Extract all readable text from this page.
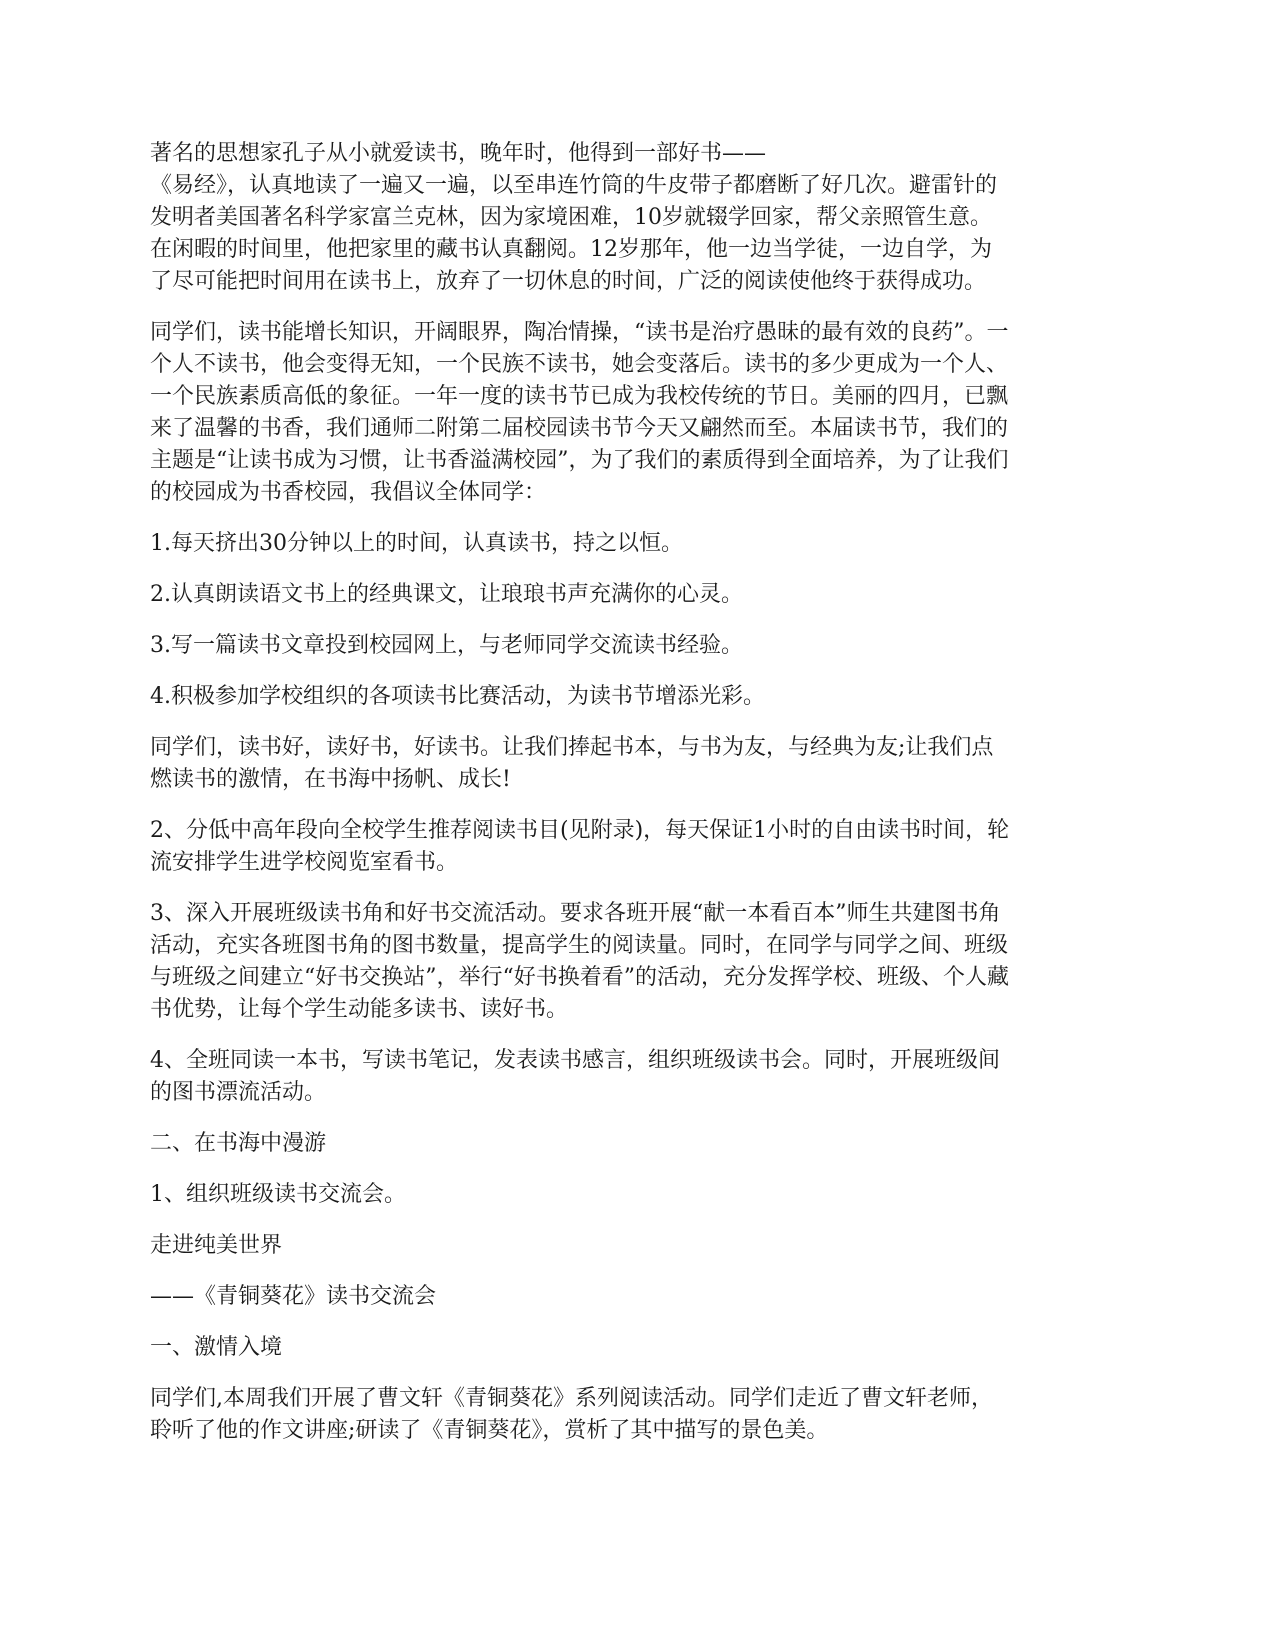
著名的思想家孔子从小就爱读书，晚年时，他得到一部好书——
《易经》，认真地读了一遍又一遍，以至串连竹筒的牛皮带子都磨断了好几次。避雷针的
发明者美国著名科学家富兰克林，因为家境困难，10岁就辍学回家，帮父亲照管生意。
在闲暇的时间里，他把家里的藏书认真翻阅。12岁那年，他一边当学徒，一边自学，为
了尽可能把时间用在读书上，放弃了一切休息的时间，广泛的阅读使他终于获得成功。

同学们，读书能增长知识，开阔眼界，陶冶情操，“读书是治疗愚昧的最有效的良药”。一
个人不读书，他会变得无知，一个民族不读书，她会变落后。读书的多少更成为一个人、
一个民族素质高低的象征。一年一度的读书节已成为我校传统的节日。美丽的四月，已飘
来了温馨的书香，我们通师二附第二届校园读书节今天又翩然而至。本届读书节，我们的
主题是“让读书成为习惯，让书香溢满校园”，为了我们的素质得到全面培养，为了让我们
的校园成为书香校园，我倡议全体同学：

1.每天挤出30分钟以上的时间，认真读书，持之以恒。

2.认真朗读语文书上的经典课文，让琅琅书声充满你的心灵。

3.写一篇读书文章投到校园网上，与老师同学交流读书经验。

4.积极参加学校组织的各项读书比赛活动，为读书节增添光彩。

同学们，读书好，读好书，好读书。让我们捧起书本，与书为友，与经典为友;让我们点
燃读书的激情，在书海中扬帆、成长!

2、分低中高年段向全校学生推荐阅读书目(见附录)，每天保证1小时的自由读书时间，轮
流安排学生进学校阅览室看书。

3、深入开展班级读书角和好书交流活动。要求各班开展“献一本看百本”师生共建图书角
活动，充实各班图书角的图书数量，提高学生的阅读量。同时，在同学与同学之间、班级
与班级之间建立“好书交换站”，举行“好书换着看”的活动，充分发挥学校、班级、个人藏
书优势，让每个学生动能多读书、读好书。

4、全班同读一本书，写读书笔记，发表读书感言，组织班级读书会。同时，开展班级间
的图书漂流活动。

二、在书海中漫游

1、组织班级读书交流会。

走进纯美世界

——《青铜葵花》读书交流会

一、激情入境

同学们,本周我们开展了曹文轩《青铜葵花》系列阅读活动。同学们走近了曹文轩老师，
聆听了他的作文讲座;研读了《青铜葵花》，赏析了其中描写的景色美。
